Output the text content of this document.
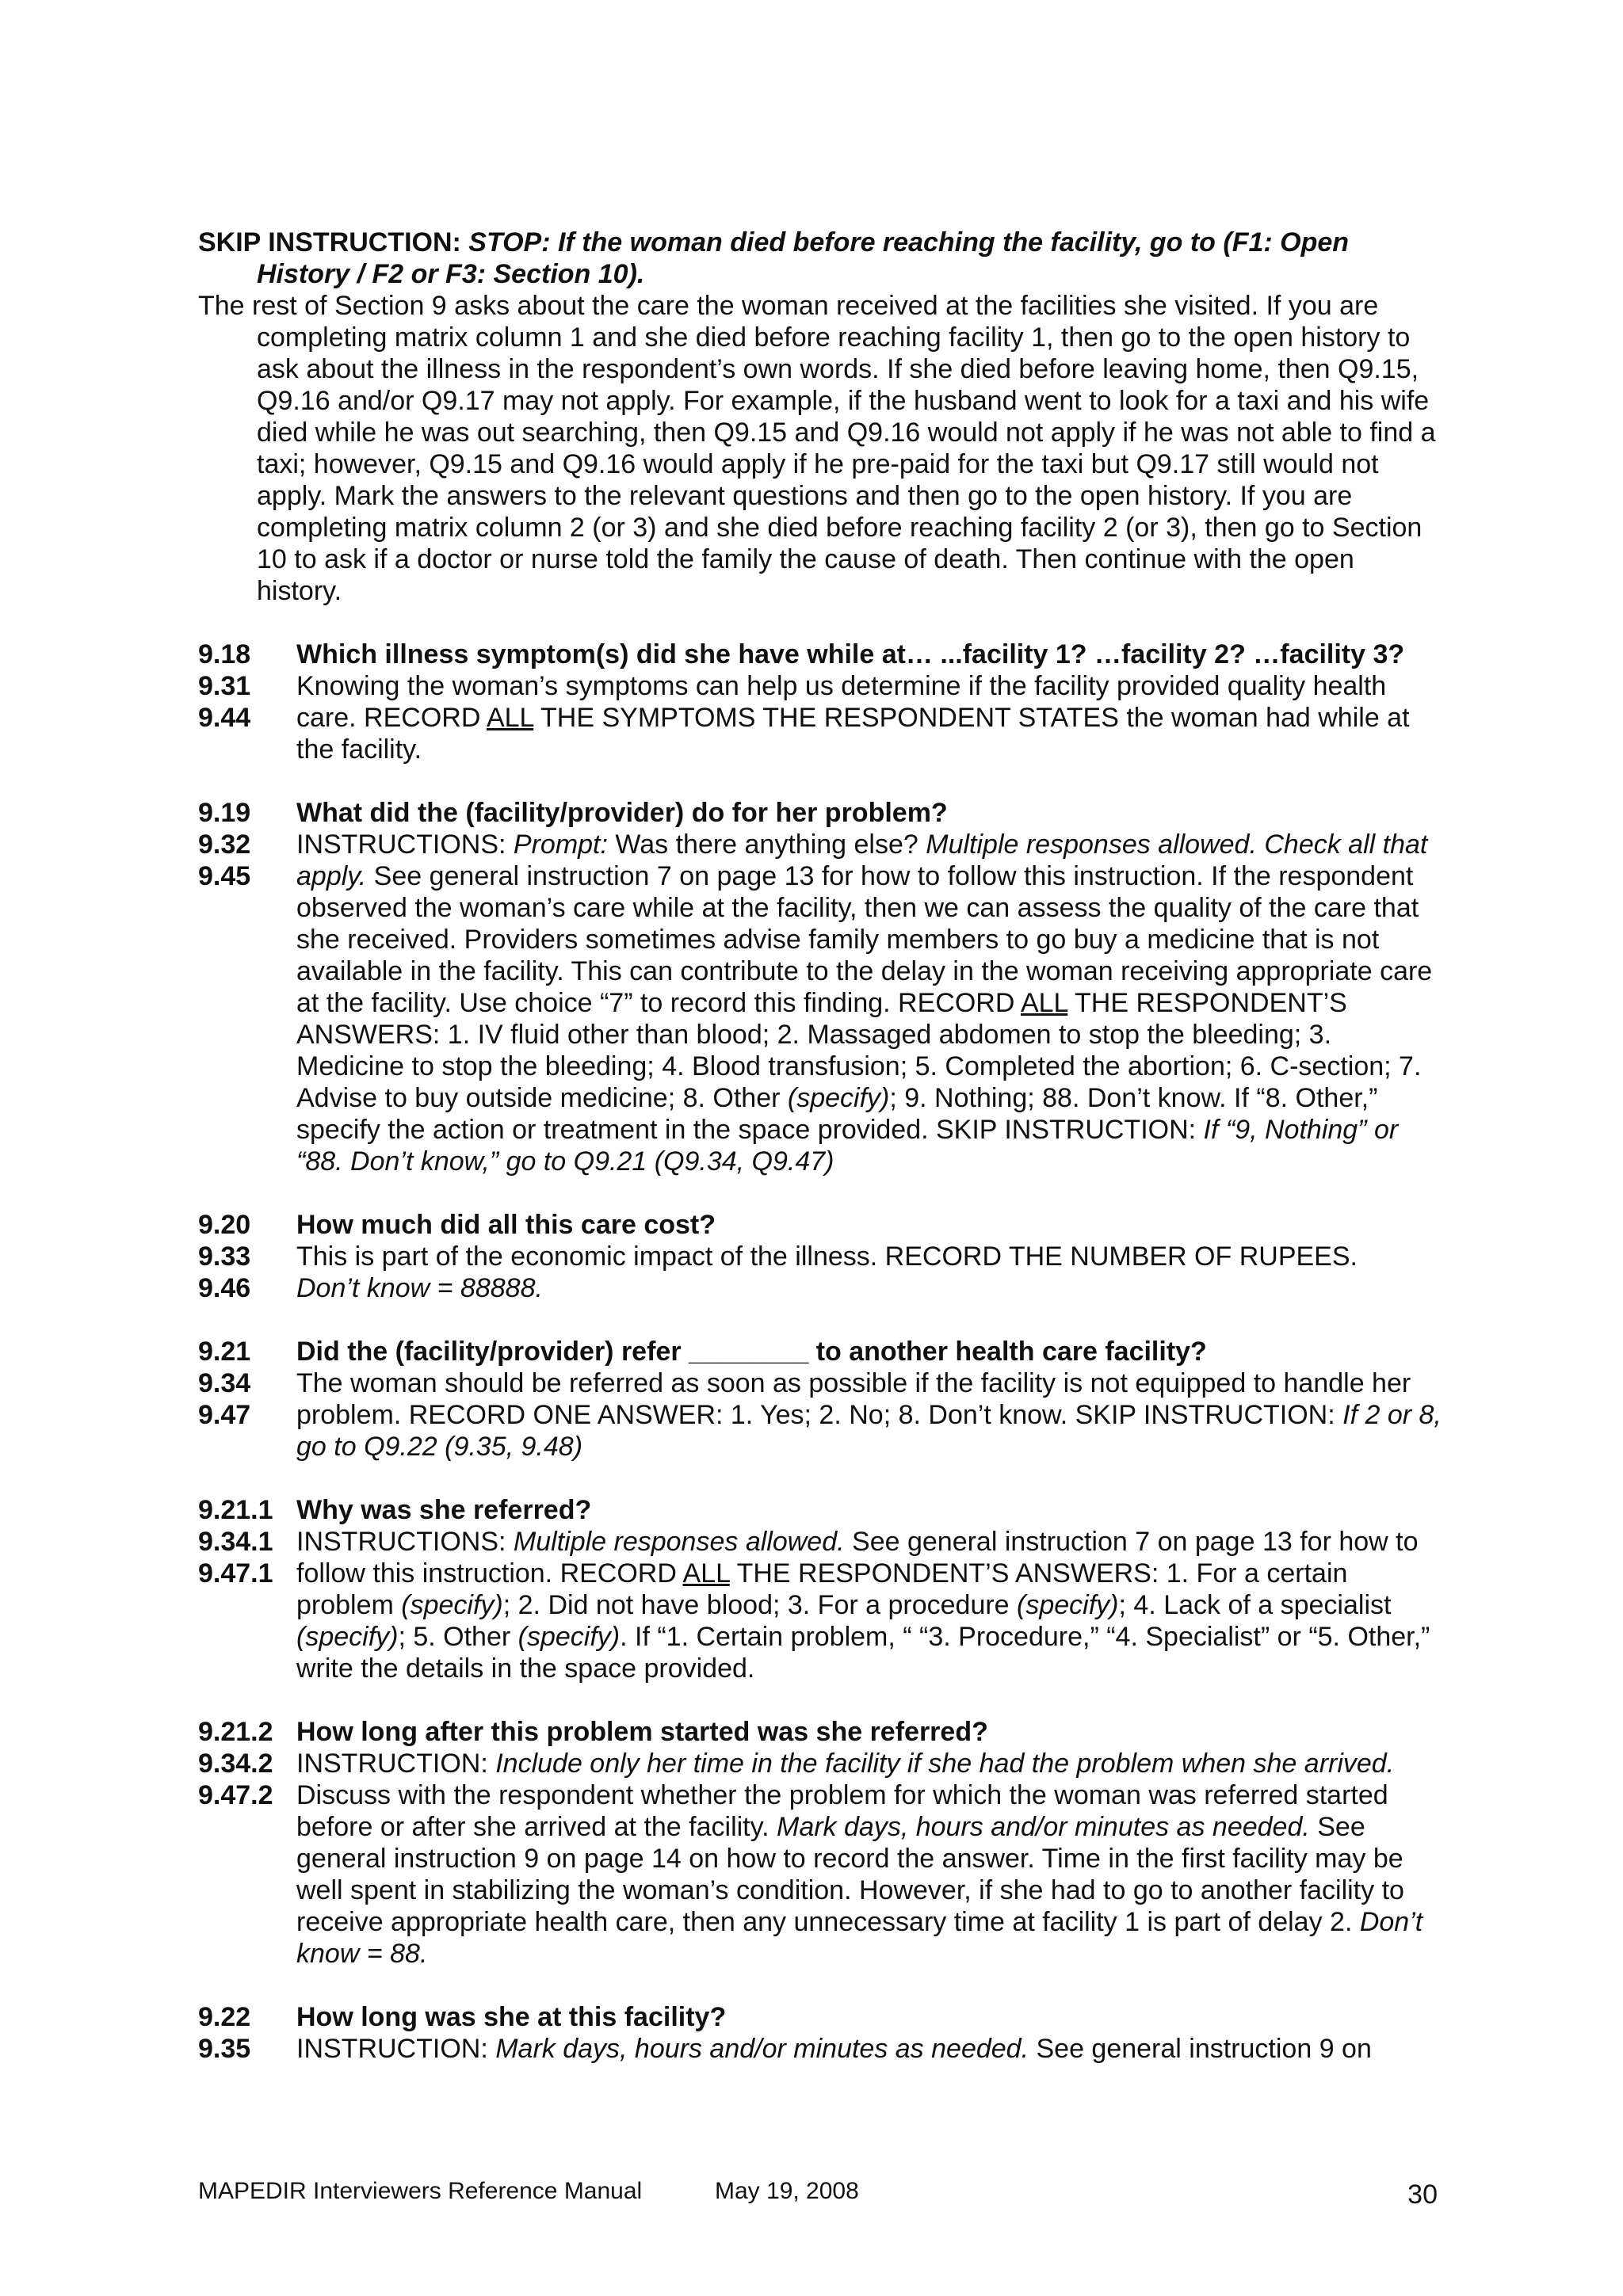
SKIP INSTRUCTION: STOP: If the woman died before reaching the facility, go to (F1: Open History / F2 or F3: Section 10).

The rest of Section 9 asks about the care the woman received at the facilities she visited. If you are completing matrix column 1 and she died before reaching facility 1, then go to the open history to ask about the illness in the respondent’s own words. If she died before leaving home, then Q9.15, Q9.16 and/or Q9.17 may not apply. For example, if the husband went to look for a taxi and his wife died while he was out searching, then Q9.15 and Q9.16 would not apply if he was not able to find a taxi; however, Q9.15 and Q9.16 would apply if he pre-paid for the taxi but Q9.17 still would not apply. Mark the answers to the relevant questions and then go to the open history. If you are completing matrix column 2 (or 3) and she died before reaching facility 2 (or 3), then go to Section 10 to ask if a doctor or nurse told the family the cause of death. Then continue with the open history.

9.18
9.31
9.44
Which illness symptom(s) did she have while at… ...facility 1? …facility 2? …facility 3?
Knowing the woman’s symptoms can help us determine if the facility provided quality health care. RECORD ALL THE SYMPTOMS THE RESPONDENT STATES the woman had while at the facility.
9.19
9.32
9.45
What did the (facility/provider) do for her problem?
INSTRUCTIONS: Prompt: Was there anything else? Multiple responses allowed. Check all that apply. See general instruction 7 on page 13 for how to follow this instruction. If the respondent observed the woman’s care while at the facility, then we can assess the quality of the care that she received. Providers sometimes advise family members to go buy a medicine that is not available in the facility. This can contribute to the delay in the woman receiving appropriate care at the facility. Use choice “7” to record this finding. RECORD ALL THE RESPONDENT’S ANSWERS: 1. IV fluid other than blood; 2. Massaged abdomen to stop the bleeding; 3. Medicine to stop the bleeding; 4. Blood transfusion; 5. Completed the abortion; 6. C-section; 7. Advise to buy outside medicine; 8. Other (specify); 9. Nothing; 88. Don’t know. If “8. Other,” specify the action or treatment in the space provided. SKIP INSTRUCTION: If “9, Nothing” or “88. Don’t know,” go to Q9.21 (Q9.34, Q9.47)
9.20
9.33
9.46
How much did all this care cost?
This is part of the economic impact of the illness. RECORD THE NUMBER OF RUPEES.
Don’t know = 88888.
9.21
9.34
9.47
Did the (facility/provider) refer ________ to another health care facility?
The woman should be referred as soon as possible if the facility is not equipped to handle her problem. RECORD ONE ANSWER: 1. Yes; 2. No; 8. Don’t know. SKIP INSTRUCTION: If 2 or 8, go to Q9.22 (9.35, 9.48)
9.21.1
9.34.1
9.47.1
Why was she referred?
INSTRUCTIONS: Multiple responses allowed. See general instruction 7 on page 13 for how to follow this instruction. RECORD ALL THE RESPONDENT’S ANSWERS: 1. For a certain problem (specify); 2. Did not have blood; 3. For a procedure (specify); 4. Lack of a specialist (specify); 5. Other (specify). If “1. Certain problem, “ “3. Procedure,” “4. Specialist” or “5. Other,” write the details in the space provided.
9.21.2
9.34.2
9.47.2
How long after this problem started was she referred?
INSTRUCTION: Include only her time in the facility if she had the problem when she arrived. Discuss with the respondent whether the problem for which the woman was referred started before or after she arrived at the facility. Mark days, hours and/or minutes as needed. See general instruction 9 on page 14 on how to record the answer. Time in the first facility may be well spent in stabilizing the woman’s condition. However, if she had to go to another facility to receive appropriate health care, then any unnecessary time at facility 1 is part of delay 2. Don’t know = 88.
9.22
9.35
How long was she at this facility?
INSTRUCTION: Mark days, hours and/or minutes as needed. See general instruction 9 on
MAPEDIR Interviewers Reference Manual	May 19, 2008	30
